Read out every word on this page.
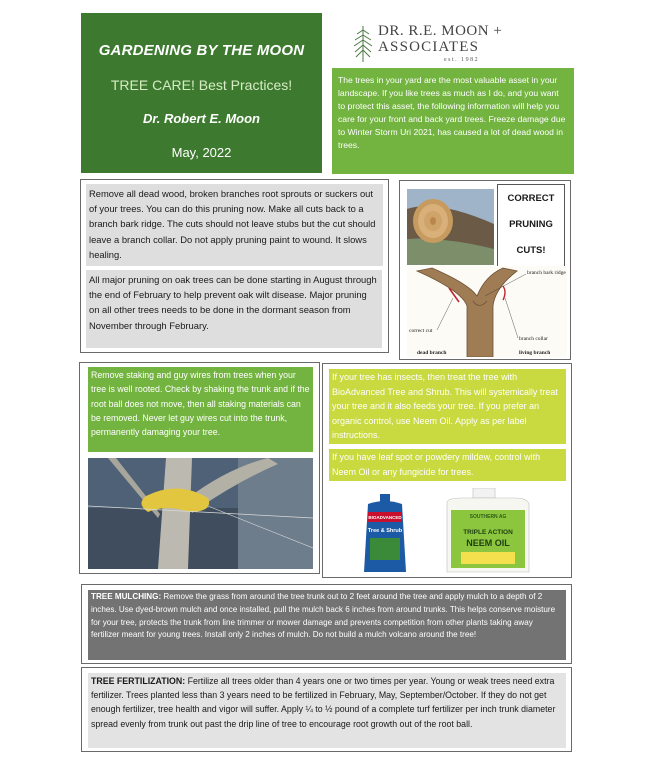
GARDENING BY THE MOON
TREE CARE! Best Practices!
Dr. Robert E. Moon
May, 2022
DR. R.E. MOON +
ASSOCIATES
est. 1982
The trees in your yard are the most valuable asset in your landscape. If you like trees as much as I do, and you want to protect this asset, the following information will help you care for your front and back yard trees. Freeze damage due to Winter Storm Uri 2021, has caused a lot of dead wood in trees.
Remove all dead wood, broken branches root sprouts or suckers out of your trees. You can do this pruning now. Make all cuts back to a branch bark ridge. The cuts should not leave stubs but the cut should leave a branch collar. Do not apply pruning paint to wound. It slows healing.
All major pruning on oak trees can be done starting in August through the end of February to help prevent oak wilt disease. Major pruning on all other trees needs to be done in the dormant season from November through February.
CORRECT
PRUNING
CUTS!
branch bark ridge
correct cut
branch collar
dead branch	living branch
Remove staking and guy wires from trees when your tree is well rooted. Check by shaking the trunk and if the root ball does not move, then all staking materials can be removed. Never let guy wires cut into the trunk, permanently damaging your tree.
If your tree has insects, then treat the tree with BioAdvanced Tree and Shrub. This will systemically treat your tree and it also feeds your tree. If you prefer an organic control, use Neem Oil. Apply as per label instructions.
If you have leaf spot or powdery mildew, control with Neem Oil or any fungicide for trees.
BIOADVANCED
Tree & Shrub
SOUTHERN AG
TRIPLE ACTION
NEEM OIL
TREE MULCHING: Remove the grass from around the tree trunk out to 2 feet around the tree and apply mulch to a depth of 2 inches. Use dyed-brown mulch and once installed, pull the mulch back 6 inches from around trunks. This helps conserve moisture for your tree, protects the trunk from line trimmer or mower damage and prevents competition from other plants taking away fertilizer meant for young trees. Install only 2 inches of mulch. Do not build a mulch volcano around the tree!
TREE FERTILIZATION: Fertilize all trees older than 4 years one or two times per year. Young or weak trees need extra fertilizer. Trees planted less than 3 years need to be fertilized in February, May, September/October. If they do not get enough fertilizer, tree health and vigor will suffer. Apply ¼ to ½ pound of a complete turf fertilizer per inch trunk diameter spread evenly from trunk out past the drip line of tree to encourage root growth out of the root ball.
